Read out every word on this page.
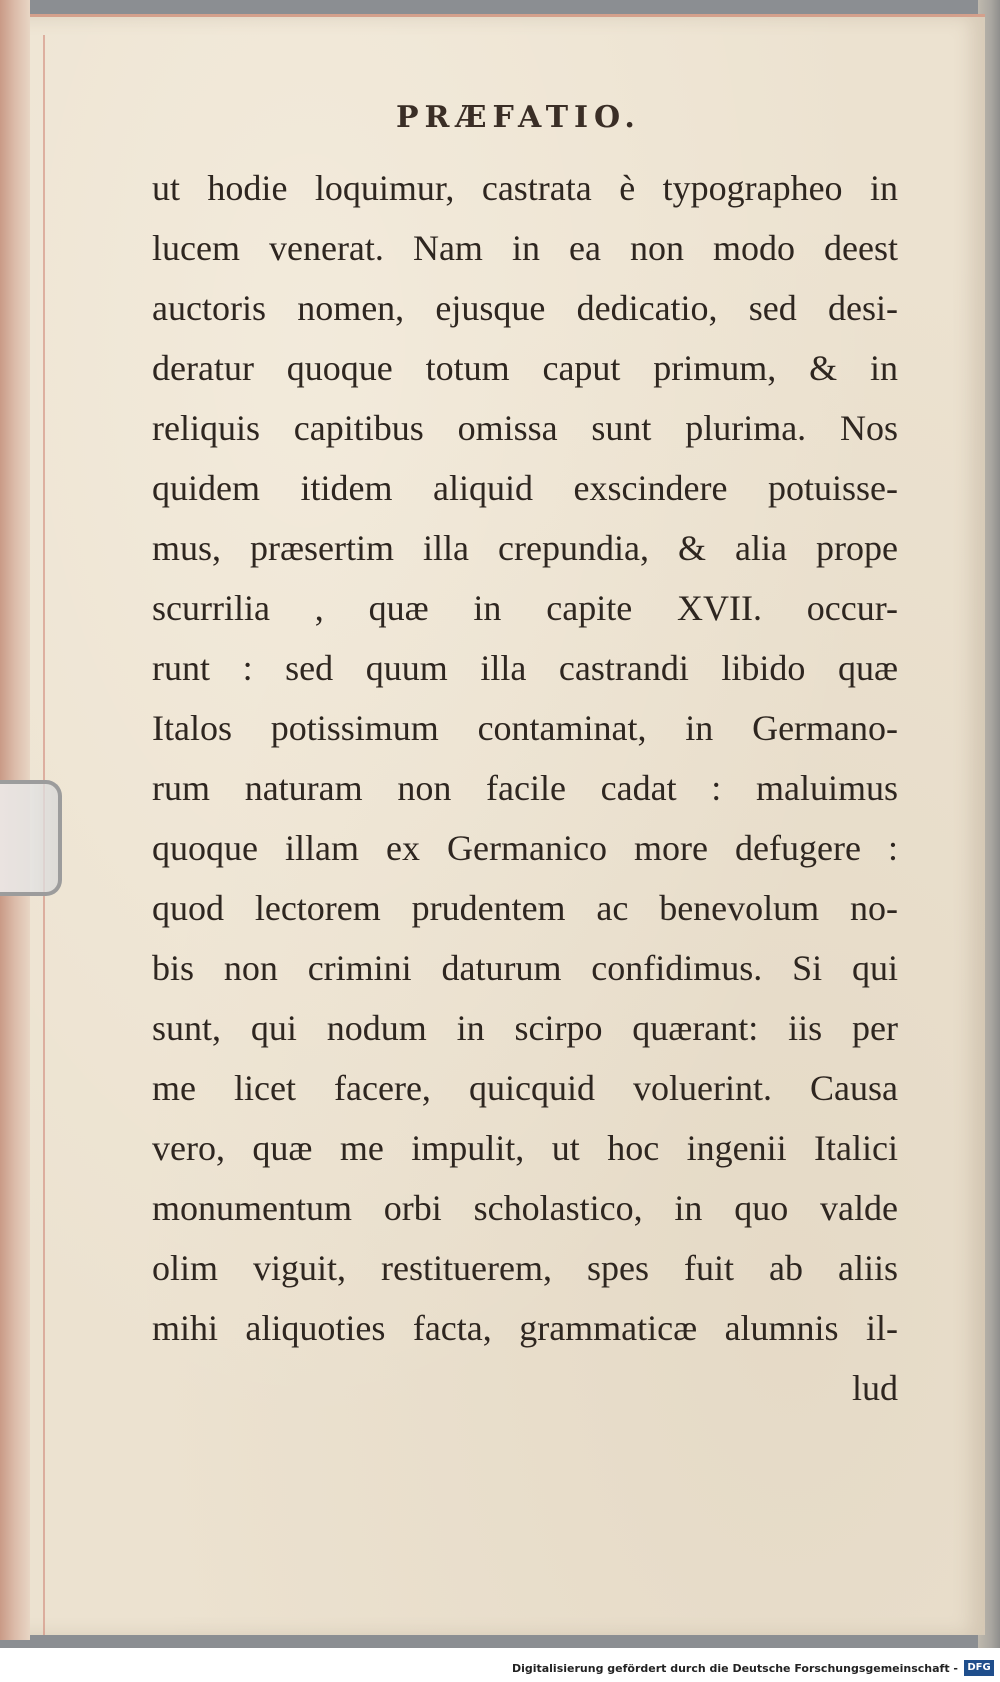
PRÆFATIO.
ut hodie loquimur, castrata è typographeo in
lucem venerat. Nam in ea non modo deest
auctoris nomen, ejusque dedicatio, sed desi-
deratur quoque totum caput primum, & in
reliquis capitibus omissa sunt plurima. Nos
quidem itidem aliquid exscindere potuisse-
mus, præsertim illa crepundia, & alia prope
scurrilia , quæ in capite XVII. occur-
runt : sed quum illa castrandi libido quæ
Italos potissimum contaminat, in Germano-
rum naturam non facile cadat : maluimus
quoque illam ex Germanico more defugere :
quod lectorem prudentem ac benevolum no-
bis non crimini daturum confidimus. Si qui
sunt, qui nodum in scirpo quærant: iis per
me licet facere, quicquid voluerint. Causa
vero, quæ me impulit, ut hoc ingenii Italici
monumentum orbi scholastico, in quo valde
olim viguit, restituerem, spes fuit ab aliis
mihi aliquoties facta, grammaticæ alumnis il-
lud
Digitalisierung gefördert durch die Deutsche Forschungsgemeinschaft - DFG
